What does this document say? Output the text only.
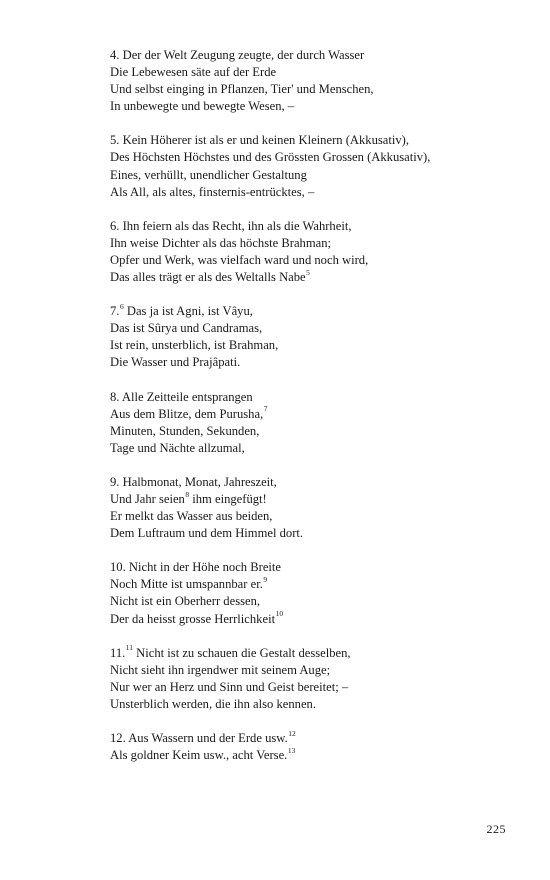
4. Der der Welt Zeugung zeugte, der durch Wasser
Die Lebewesen säte auf der Erde
Und selbst einging in Pflanzen, Tier' und Menschen,
In unbewegte und bewegte Wesen, –
5. Kein Höherer ist als er und keinen Kleinern (Akkusativ),
Des Höchsten Höchstes und des Grössten Grossen (Akkusativ),
Eines, verhüllt, unendlicher Gestaltung
Als All, als altes, finsternis-entrücktes, –
6. Ihn feiern als das Recht, ihn als die Wahrheit,
Ihn weise Dichter als das höchste Brahman;
Opfer und Werk, was vielfach ward und noch wird,
Das alles trägt er als des Weltalls Nabe$^5$
7.$^6$ Das ja ist Agni, ist Vâyu,
Das ist Sûrya und Candramas,
Ist rein, unsterblich, ist Brahman,
Die Wasser und Prajâpati.
8. Alle Zeitteile entsprangen
Aus dem Blitze, dem Purusha,$^7$
Minuten, Stunden, Sekunden,
Tage und Nächte allzumal,
9. Halbmonat, Monat, Jahreszeit,
Und Jahr seien$^8$ ihm eingefügt!
Er melkt das Wasser aus beiden,
Dem Luftraum und dem Himmel dort.
10. Nicht in der Höhe noch Breite
Noch Mitte ist umspannbar er.$^9$
Nicht ist ein Oberherr dessen,
Der da heisst grosse Herrlichkeit$^{10}$
11.11 Nicht ist zu schauen die Gestalt desselben,
Nicht sieht ihn irgendwer mit seinem Auge;
Nur wer an Herz und Sinn und Geist bereitet; –
Unsterblich werden, die ihn also kennen.
12. Aus Wassern und der Erde usw.$^{12}$
Als goldner Keim usw., acht Verse.$^{13}$
225
